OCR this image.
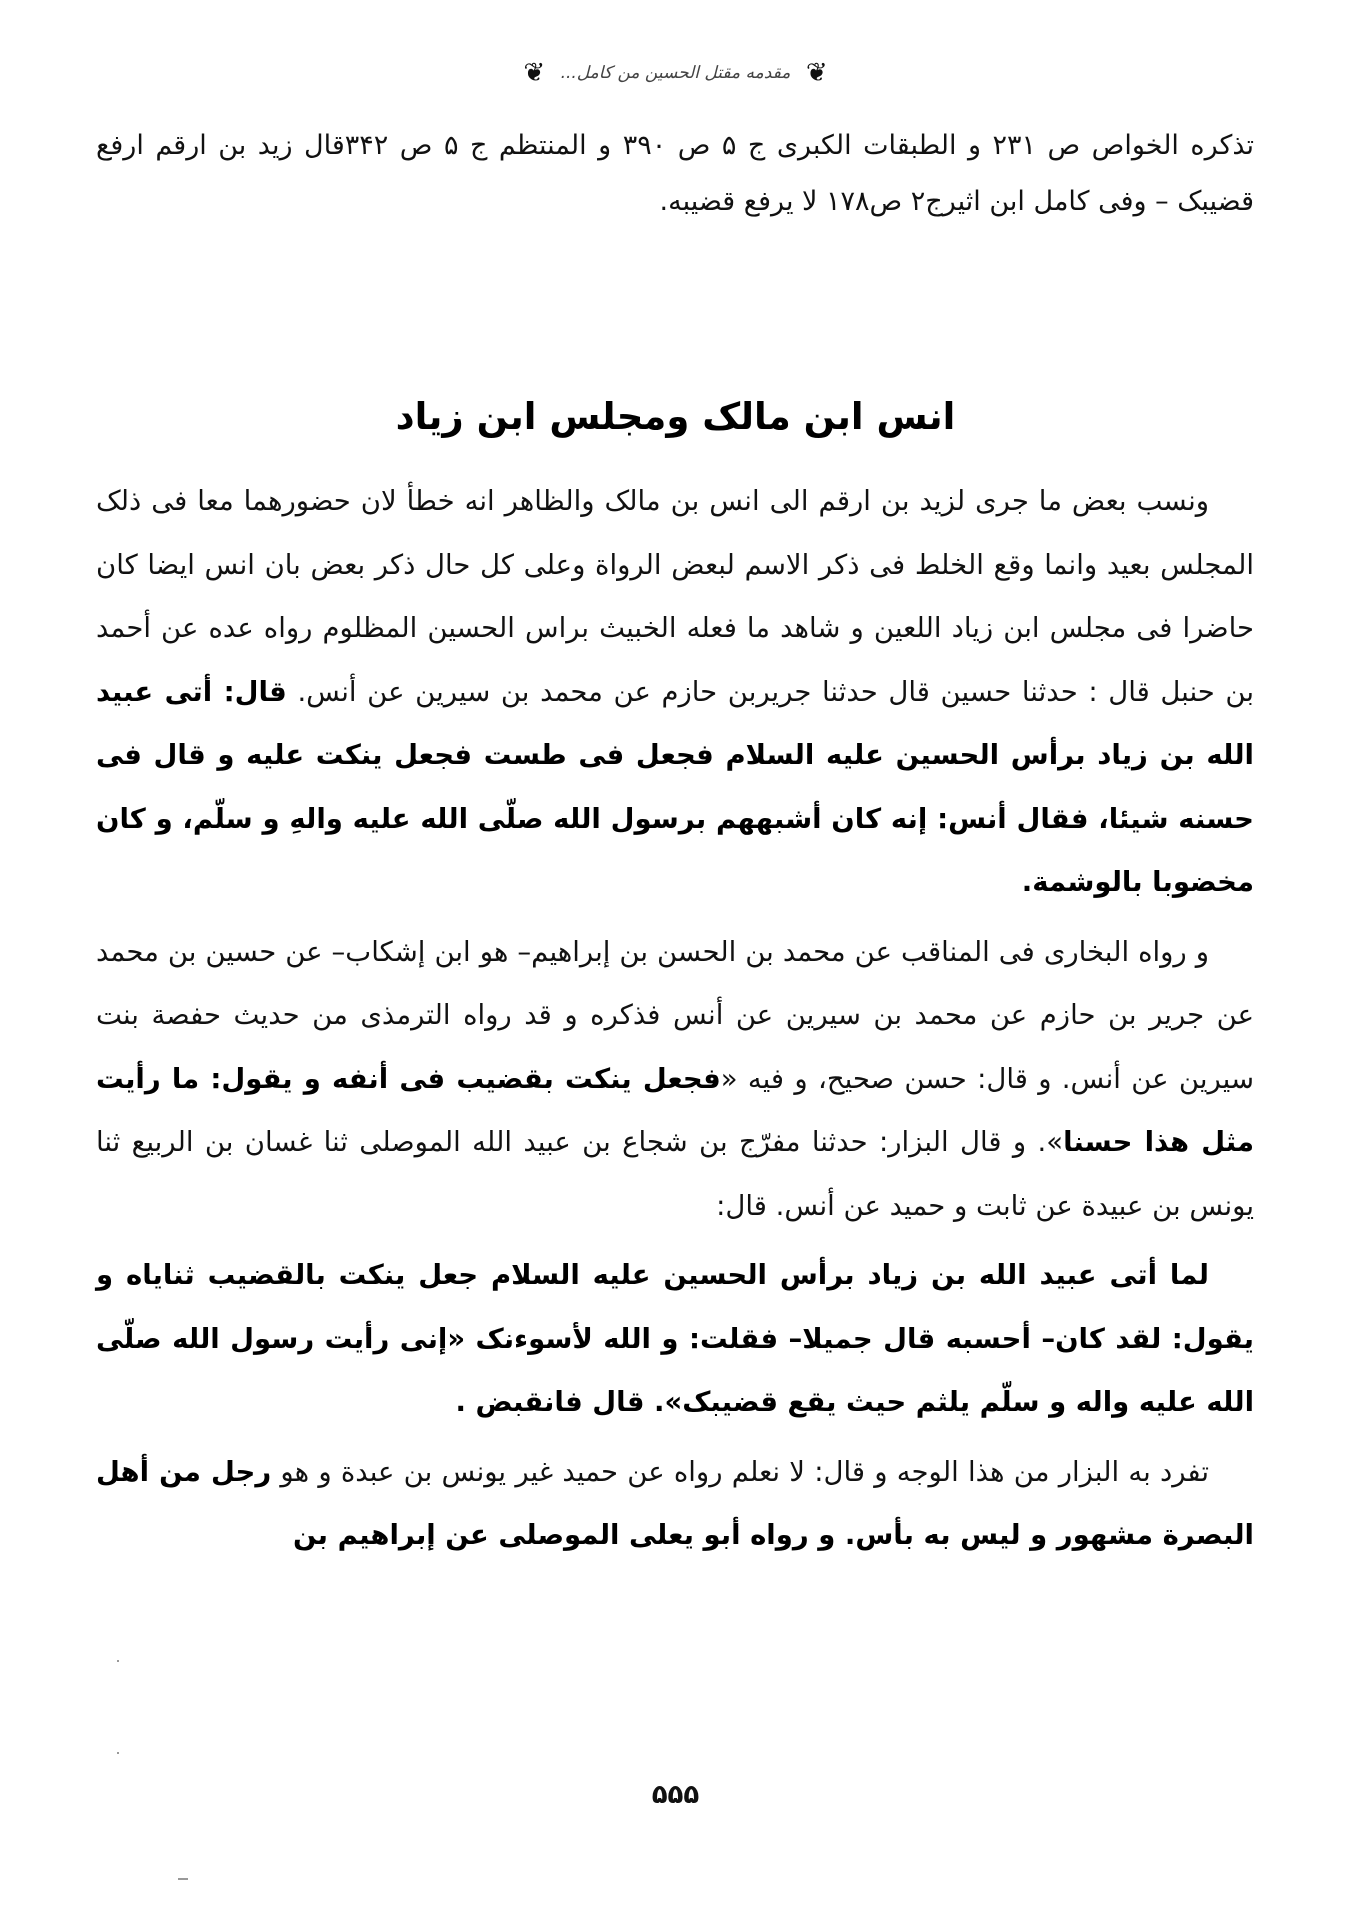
❦ مقدمه مقتل الحسین من کامل... ❦
تذکره الخواص ص ۲۳۱ و الطبقات الکبری ج ۵ ص ۳۹۰ و المنتظم ج ۵ ص ۳۴۲قال زید بن ارقم ارفع قضیبک – وفی کامل ابن اثیرج۲ ص۱۷۸ لا یرفع قضیبه.
انس ابن مالک ومجلس ابن زیاد

ونسب بعض ما جری لزید بن ارقم الی انس بن مالک والظاهر انه خطأ لان حضورهما معا فی ذلک المجلس بعید وانما وقع الخلط فی ذکر الاسم لبعض الرواة وعلی کل حال ذکر بعض بان انس ایضا کان حاضرا فی مجلس ابن زیاد اللعین و شاهد ما فعله الخبیث براس الحسین المظلوم رواه عده عن أحمد بن حنبل قال : حدثنا حسین قال حدثنا جریربن حازم عن محمد بن سیرین عن أنس. قال: أتی عبید الله بن زیاد برأس الحسین علیه السلام فجعل فی طست فجعل ینکت علیه و قال فی حسنه شیئا، فقال أنس: إنه کان أشبههم برسول الله صلّی الله علیه والهِ و سلّم، و کان مخضوبا بالوشمة.

و رواه البخاری فی المناقب عن محمد بن الحسن بن إبراهیم– هو ابن إشکاب– عن حسین بن محمد عن جریر بن حازم عن محمد بن سیرین عن أنس فذکره و قد رواه الترمذی من حدیث حفصة بنت سیرین عن أنس. و قال: حسن صحیح، و فیه «فجعل ینکت بقضیب فی أنفه و یقول: ما رأیت مثل هذا حسنا». و قال البزار: حدثنا مفرّج بن شجاع بن عبید الله الموصلی ثنا غسان بن الربیع ثنا یونس بن عبیدة عن ثابت و حمید عن أنس. قال:

لما أتی عبید الله بن زیاد برأس الحسین علیه السلام جعل ینکت بالقضیب ثنایاه و یقول: لقد کان– أحسبه قال جمیلا– فقلت: و الله لأسوءنک «إنی رأیت رسول الله صلّی الله علیه واله و سلّم یلثم حیث یقع قضیبک». قال فانقبض .

تفرد به البزار من هذا الوجه و قال: لا نعلم رواه عن حمید غیر یونس بن عبدة و هو رجل من أهل البصرة مشهور و لیس به بأس. و رواه أبو یعلی الموصلی عن إبراهیم بن

۵۵۵
